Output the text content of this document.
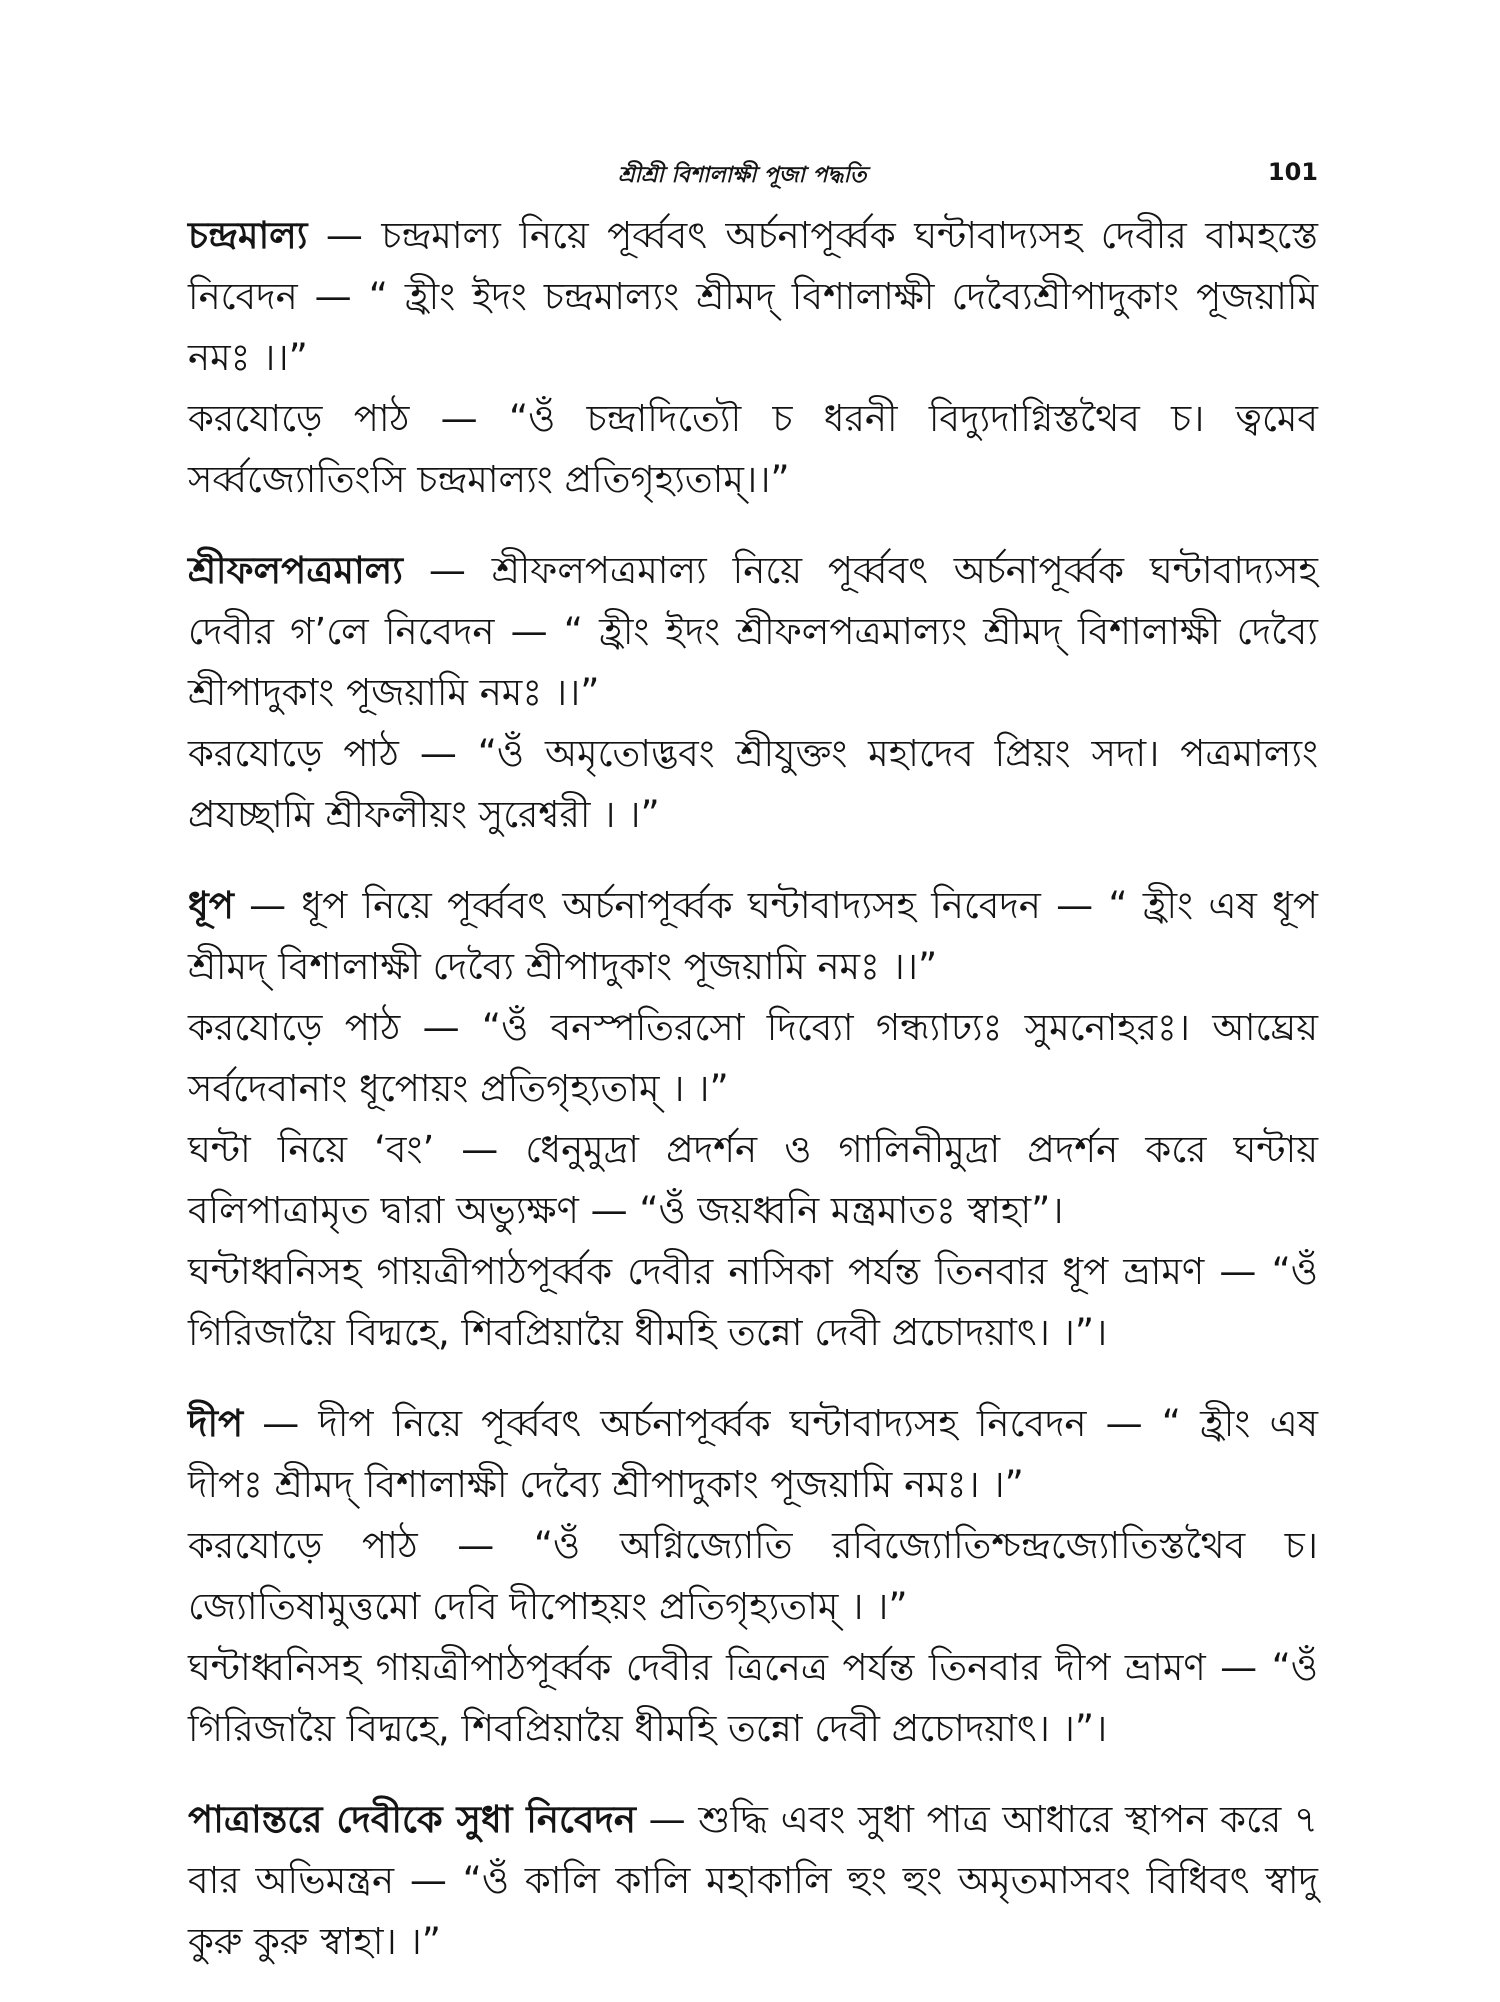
শ্রীশ্রী বিশালাক্ষী পূজা পদ্ধতি	101

চন্দ্রমাল্য — চন্দ্রমাল্য নিয়ে পূর্ব্ববৎ অর্চনাপূর্ব্বক ঘন্টাবাদ্যসহ দেবীর বামহস্তে নিবেদন — “ হ্রীং ইদং চন্দ্রমাল্যং শ্রীমদ্ বিশালাক্ষী দেব্যৈশ্রীপাদুকাং পূজয়ামি নমঃ ।।”

করযোড়ে পাঠ — “ওঁ চন্দ্রাদিত্যৌ চ ধরনী বিদ্যুদাগ্নিস্তথৈব চ। ত্বমেব সর্ব্বজ্যোতিংসি চন্দ্রমাল্যং প্রতিগৃহ্যতাম্।।”

শ্রীফলপত্রমাল্য — শ্রীফলপত্রমাল্য নিয়ে পূর্ব্ববৎ অর্চনাপূর্ব্বক ঘন্টাবাদ্যসহ দেবীর গ’লে নিবেদন — “ হ্রীং ইদং শ্রীফলপত্রমাল্যং শ্রীমদ্ বিশালাক্ষী দেব্যৈ শ্রীপাদুকাং পূজয়ামি নমঃ ।।”

করযোড়ে পাঠ — “ওঁ অমৃতোদ্ভবং শ্রীযুক্তং মহাদেব প্রিয়ং সদা। পত্রমাল্যং প্রযচ্ছামি শ্রীফলীয়ং সুরেশ্বরী । ।”

ধূপ — ধূপ নিয়ে পূর্ব্ববৎ অর্চনাপূর্ব্বক ঘন্টাবাদ্যসহ নিবেদন — “ হ্রীং এষ ধূপ শ্রীমদ্ বিশালাক্ষী দেব্যৈ শ্রীপাদুকাং পূজয়ামি নমঃ ।।”

করযোড়ে পাঠ — “ওঁ বনস্পতিরসো দিব্যো গন্ধ্যাঢ্যঃ সুমনোহরঃ। আঘ্রেয় সর্বদেবানাং ধূপোয়ং প্রতিগৃহ্যতাম্ । ।”

ঘন্টা নিয়ে ‘বং’ — ধেনুমুদ্রা প্রদর্শন ও গালিনীমুদ্রা প্রদর্শন করে ঘন্টায় বলিপাত্রামৃত দ্বারা অভ্যুক্ষণ — “ওঁ জয়ধ্বনি মন্ত্রমাতঃ স্বাহা”।

ঘন্টাধ্বনিসহ গায়ত্রীপাঠপূর্ব্বক দেবীর নাসিকা পর্যন্ত তিনবার ধূপ ভ্রামণ — “ওঁ গিরিজায়ৈ বিদ্মহে, শিবপ্রিয়ায়ৈ ধীমহি তন্নো দেবী প্রচোদয়াৎ। ।”।

দীপ — দীপ নিয়ে পূর্ব্ববৎ অর্চনাপূর্ব্বক ঘন্টাবাদ্যসহ নিবেদন — “ হ্রীং এষ দীপঃ শ্রীমদ্ বিশালাক্ষী দেব্যৈ শ্রীপাদুকাং পূজয়ামি নমঃ। ।”

করযোড়ে পাঠ — “ওঁ অগ্নিজ্যোতি রবিজ্যোতিশ্চন্দ্রজ্যোতিস্তথৈব চ। জ্যোতিষামুত্তমো দেবি দীপোহয়ং প্রতিগৃহ্যতাম্ । ।”

ঘন্টাধ্বনিসহ গায়ত্রীপাঠপূর্ব্বক দেবীর ত্রিনেত্র পর্যন্ত তিনবার দীপ ভ্রামণ — “ওঁ গিরিজায়ৈ বিদ্মহে, শিবপ্রিয়ায়ৈ ধীমহি তন্নো দেবী প্রচোদয়াৎ। ।”।

পাত্রান্তরে দেবীকে সুধা নিবেদন — শুদ্ধি এবং সুধা পাত্র আধারে স্থাপন করে ৭ বার অভিমন্ত্রন — “ওঁ কালি কালি মহাকালি হুং হুং অমৃতমাসবং বিধিবৎ স্বাদু কুরু কুরু স্বাহা। ।”
